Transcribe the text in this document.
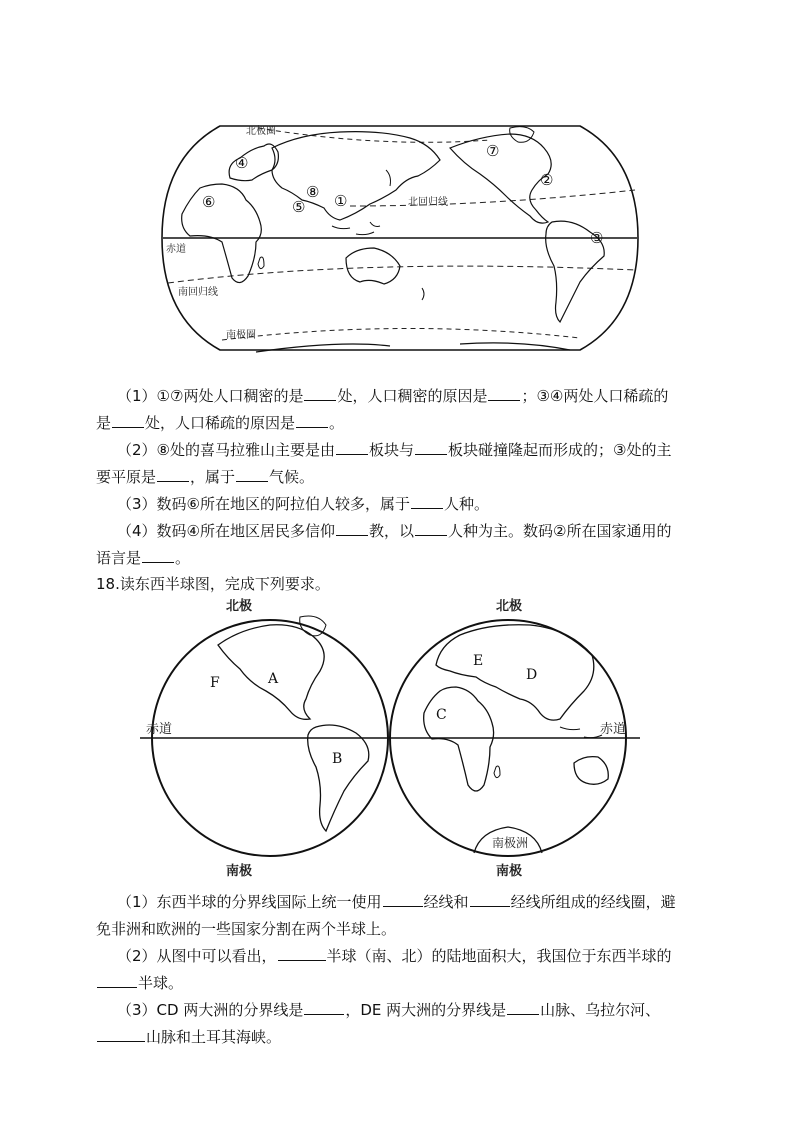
北极圈
北回归线
赤道
南回归线
南极圈
①
②
③
④
⑤
⑥
⑦
⑧
（1）①⑦两处人口稠密的是 处，人口稠密的原因是 ；③④两处人口稀疏的
是 处，人口稀疏的原因是 。
（2）⑧处的喜马拉雅山主要是由 板块与 板块碰撞隆起而形成的；③处的主
要平原是 ，属于 气候。
（3）数码⑥所在地区的阿拉伯人较多，属于 人种。
（4）数码④所在地区居民多信仰 教，以 人种为主。数码②所在国家通用的
语言是 。
18.读东西半球图，完成下列要求。
北极	北极
南极	南极
赤道	赤道
南极洲
A
B
C
D
E
F
（1）东西半球的分界线国际上统一使用	经线和	经线所组成的经线圈，避
免非洲和欧洲的一些国家分割在两个半球上。
（2）从图中可以看出，	半球（南、北）的陆地面积大，我国位于东西半球的
半球。
（3）CD 两大洲的分界线是	，DE 两大洲的分界线是 山脉、乌拉尔河、
山脉和土耳其海峡。
